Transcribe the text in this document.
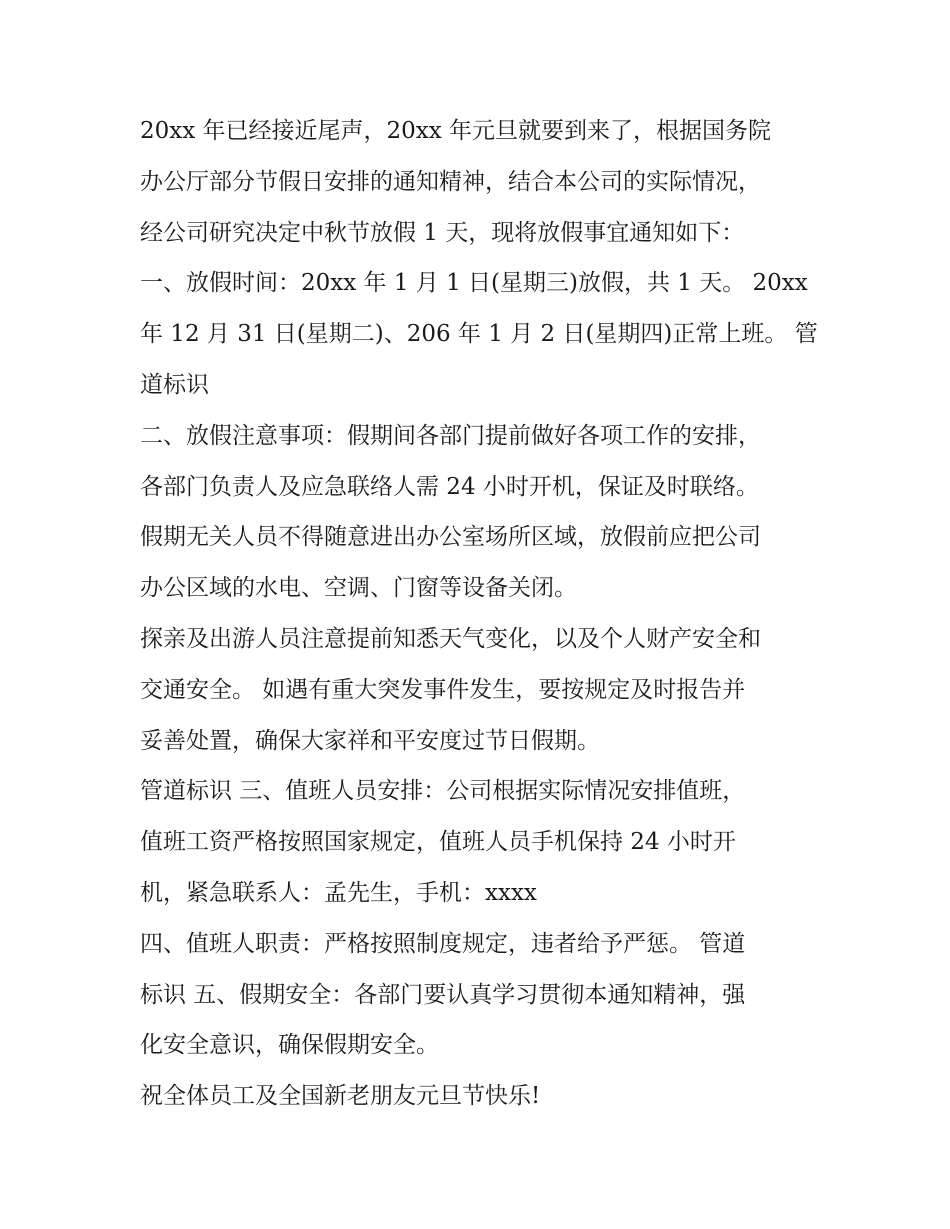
20xx 年已经接近尾声，20xx 年元旦就要到来了，根据国务院
办公厅部分节假日安排的通知精神，结合本公司的实际情况，
经公司研究决定中秋节放假 1 天，现将放假事宜通知如下：
一、放假时间：20xx 年 1 月 1 日(星期三)放假，共 1 天。 20xx
年 12 月 31 日(星期二)、206 年 1 月 2 日(星期四)正常上班。 管
道标识
二、放假注意事项：假期间各部门提前做好各项工作的安排，
各部门负责人及应急联络人需 24 小时开机，保证及时联络。
假期无关人员不得随意进出办公室场所区域，放假前应把公司
办公区域的水电、空调、门窗等设备关闭。
探亲及出游人员注意提前知悉天气变化，以及个人财产安全和
交通安全。 如遇有重大突发事件发生，要按规定及时报告并
妥善处置，确保大家祥和平安度过节日假期。
管道标识 三、值班人员安排：公司根据实际情况安排值班，
值班工资严格按照国家规定，值班人员手机保持 24 小时开
机，紧急联系人：孟先生，手机：xxxx
四、值班人职责：严格按照制度规定，违者给予严惩。 管道
标识 五、假期安全：各部门要认真学习贯彻本通知精神，强
化安全意识，确保假期安全。
祝全体员工及全国新老朋友元旦节快乐!
